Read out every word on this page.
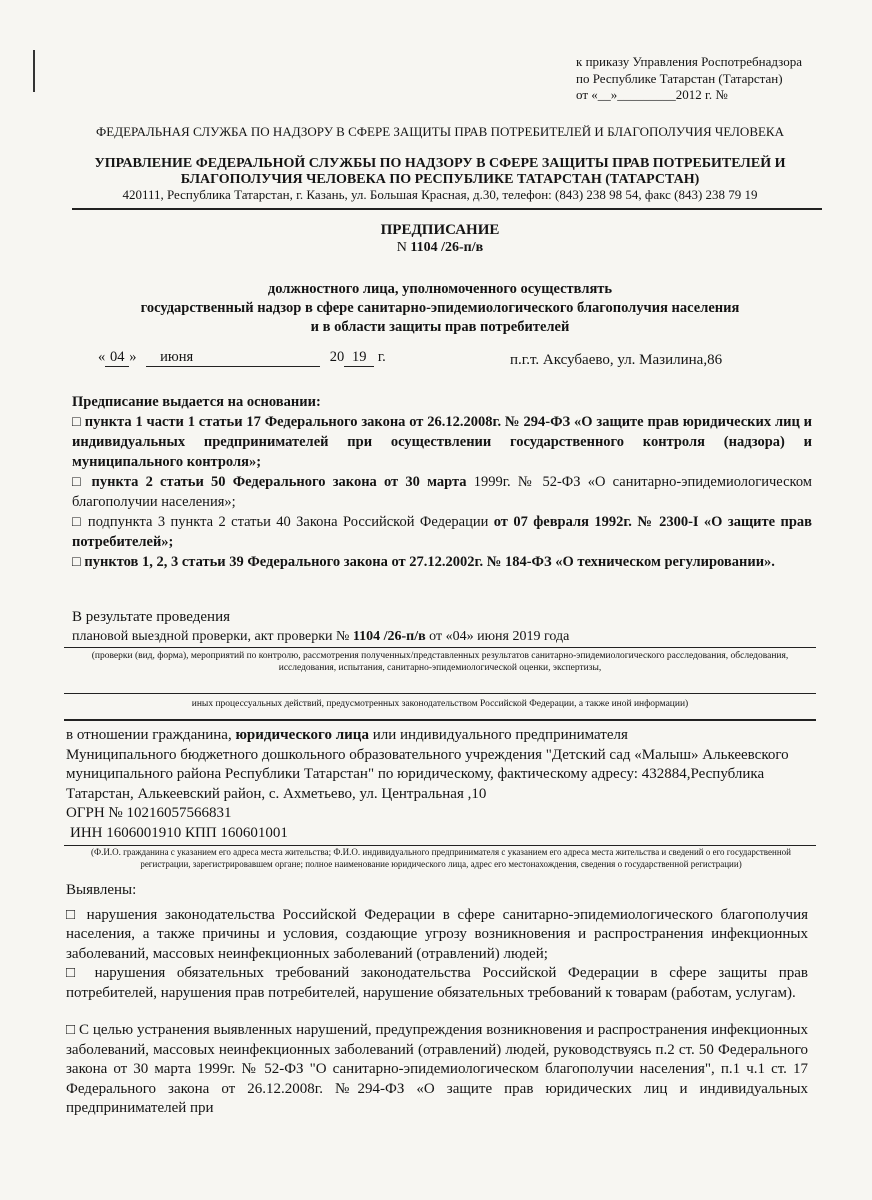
к приказу Управления Роспотребнадзора
по Республике Татарстан (Татарстан)
от «__»_________2012 г. №
ФЕДЕРАЛЬНАЯ СЛУЖБА ПО НАДЗОРУ В СФЕРЕ ЗАЩИТЫ ПРАВ ПОТРЕБИТЕЛЕЙ И БЛАГОПОЛУЧИЯ ЧЕЛОВЕКА
УПРАВЛЕНИЕ ФЕДЕРАЛЬНОЙ СЛУЖБЫ ПО НАДЗОРУ В СФЕРЕ ЗАЩИТЫ ПРАВ ПОТРЕБИТЕЛЕЙ И БЛАГОПОЛУЧИЯ ЧЕЛОВЕКА ПО РЕСПУБЛИКЕ ТАТАРСТАН (ТАТАРСТАН)
420111, Республика Татарстан, г. Казань, ул. Большая Красная, д.30, телефон: (843) 238 98 54, факс (843) 238 79 19
ПРЕДПИСАНИЕ
N 1104 /26-п/в
должностного лица, уполномоченного осуществлять
государственный надзор в сфере санитарно-эпидемиологического благополучия населения
и в области защиты прав потребителей
« 04 » июня	20 19 г.	п.г.т. Аксубаево, ул. Мазилина,86
Предписание выдается на основании:
□ пункта 1 части 1 статьи 17 Федерального закона от 26.12.2008г. № 294-ФЗ «О защите прав юридических лиц и индивидуальных предпринимателей при осуществлении государственного контроля (надзора) и муниципального контроля»;
□ пункта 2 статьи 50 Федерального закона от 30 марта 1999г. № 52-ФЗ «О санитарно-эпидемиологическом благополучии населения»;
□ подпункта 3 пункта 2 статьи 40 Закона Российской Федерации от 07 февраля 1992г. № 2300-I «О защите прав потребителей»;
□ пунктов 1, 2, 3 статьи 39 Федерального закона от 27.12.2002г. № 184-ФЗ «О техническом регулировании».
В результате проведения
плановой выездной проверки, акт проверки № 1104 /26-п/в от «04» июня 2019 года
(проверки (вид, форма), мероприятий по контролю, рассмотрения полученных/представленных результатов санитарно-эпидемиологического расследования, обследования, исследования, испытания, санитарно-эпидемиологической оценки, экспертизы,
иных процессуальных действий, предусмотренных законодательством Российской Федерации, а также иной информации)
в отношении гражданина, юридического лица или индивидуального предпринимателя
Муниципального бюджетного дошкольного образовательного учреждения "Детский сад «Малыш» Алькеевского муниципального района Республики Татарстан" по юридическому, фактическому адресу: 432884,Республика Татарстан, Алькеевский район, с. Ахметьево, ул. Центральная ,10
ОГРН № 10216057566831
ИНН 1606001910 КПП 160601001
(Ф.И.О. гражданина с указанием его адреса места жительства; Ф.И.О. индивидуального предпринимателя с указанием его адреса места жительства и сведений о его государственной регистрации, зарегистрировавшем органе; полное наименование юридического лица, адрес его местонахождения, сведения о государственной регистрации)
Выявлены:
□ нарушения законодательства Российской Федерации в сфере санитарно-эпидемиологического благополучия населения, а также причины и условия, создающие угрозу возникновения и распространения инфекционных заболеваний, массовых неинфекционных заболеваний (отравлений) людей;
□ нарушения обязательных требований законодательства Российской Федерации в сфере защиты прав потребителей, нарушения прав потребителей, нарушение обязательных требований к товарам (работам, услугам).
□ С целью устранения выявленных нарушений, предупреждения возникновения и распространения инфекционных заболеваний, массовых неинфекционных заболеваний (отравлений) людей, руководствуясь п.2 ст. 50 Федерального закона от 30 марта 1999г. № 52-ФЗ "О санитарно-эпидемиологическом благополучии населения", п.1 ч.1 ст. 17 Федерального закона от 26.12.2008г. №294-ФЗ «О защите прав юридических лиц и индивидуальных предпринимателей при
